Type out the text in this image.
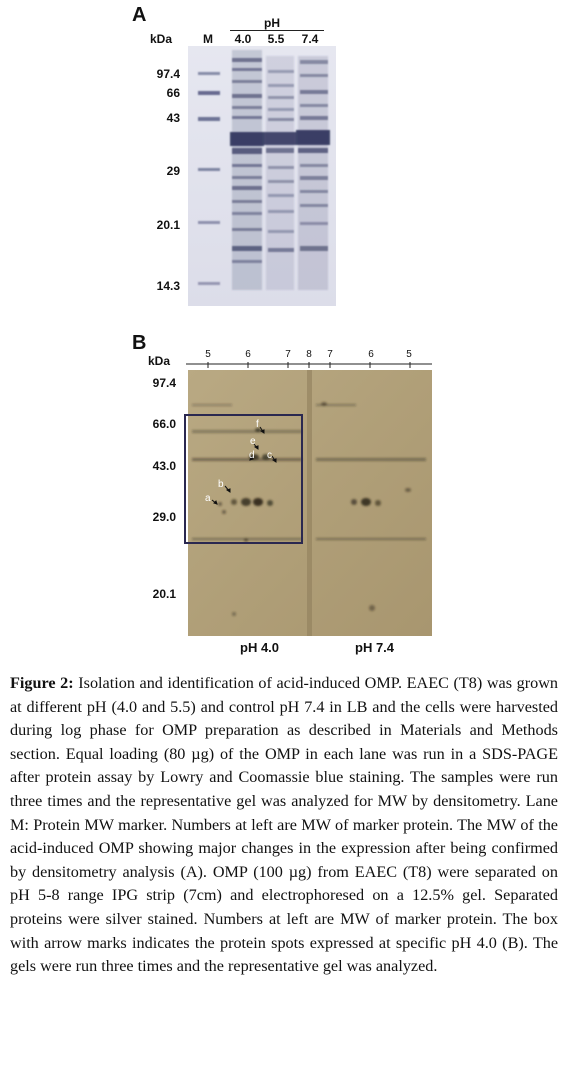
A
kDa	M
pH
4.0	5.5	7.4
97.4
66
43
29
20.1
14.3
B
kDa	5	6	7	8	7	6	5
97.4
66.0
43.0
29.0
20.1
f
e
d c
b
a
pH 4.0	pH 7.4
Figure 2: Isolation and identification of acid-induced OMP. EAEC (T8) was grown at different pH (4.0 and 5.5) and control pH 7.4 in LB and the cells were harvested during log phase for OMP preparation as described in Materials and Methods section. Equal loading (80 µg) of the OMP in each lane was run in a SDS-PAGE after protein assay by Lowry and Coomassie blue staining. The samples were run three times and the representative gel was analyzed for MW by densitometry. Lane M: Protein MW marker. Numbers at left are MW of marker protein. The MW of the acid-induced OMP showing major changes in the expression after being confirmed by densitometry analysis (A). OMP (100 µg) from EAEC (T8) were separated on pH 5-8 range IPG strip (7cm) and electrophoresed on a 12.5% gel. Separated proteins were silver stained. Numbers at left are MW of marker protein. The box with arrow marks indicates the protein spots expressed at specific pH 4.0 (B). The gels were run three times and the representative gel was analyzed.
